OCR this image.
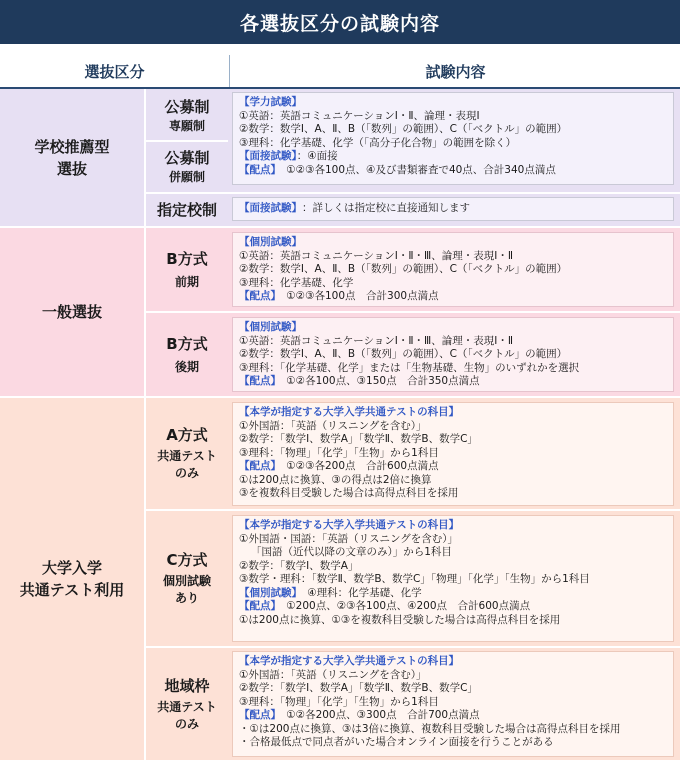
各選抜区分の試験内容
選抜区分	試験内容
学校推薦型
選抜
公募制
専願制
公募制
併願制
【学力試験】
①英語：英語コミュニケーションⅠ・Ⅱ、論理・表現Ⅰ
②数学：数学Ⅰ、A、Ⅱ、B（「数列」の範囲）、C（「ベクトル」の範囲）
③理科：化学基礎、化学（「高分子化合物」の範囲を除く）
【面接試験】：④面接
【配点】　①②③各100点、④及び書類審査で40点、合計340点満点
指定校制 【面接試験】 ：詳しくは指定校に直接通知します
一般選抜
B方式
前期
【個別試験】
①英語：英語コミュニケーションⅠ・Ⅱ・Ⅲ、論理・表現Ⅰ・Ⅱ
②数学：数学Ⅰ、A、Ⅱ、B（「数列」の範囲）、C（「ベクトル」の範囲）
③理科：化学基礎、化学
【配点】　①②③各100点　合計300点満点
B方式
後期
【個別試験】
①英語：英語コミュニケーションⅠ・Ⅱ・Ⅲ、論理・表現Ⅰ・Ⅱ
②数学：数学Ⅰ、A、Ⅱ、B（「数列」の範囲）、C（「ベクトル」の範囲）
③理科：「化学基礎、化学」または「生物基礎、生物」のいずれかを選択
【配点】　①②各100点、③150点　合計350点満点
大学入学
共通テスト利用
A方式
共通テスト
のみ
【本学が指定する大学入学共通テストの科目】
①外国語：「英語（リスニングを含む）」
②数学：「数学Ⅰ、数学A」「数学Ⅱ、数学B、数学C」
③理科：「物理」「化学」「生物」から1科目
【配点】　①②③各200点　合計600点満点
①は200点に換算、③の得点は2倍に換算
③を複数科目受験した場合は高得点科目を採用
C方式
個別試験
あり
【本学が指定する大学入学共通テストの科目】
①外国語・国語：「英語（リスニングを含む）」
「国語（近代以降の文章のみ）」から1科目
②数学：「数学Ⅰ、数学A」
③数学・理科：「数学Ⅱ、数学B、数学C」「物理」「化学」「生物」から1科目
【個別試験】　④理科：化学基礎、化学
【配点】　①200点、②③各100点、④200点　合計600点満点
①は200点に換算、①③を複数科目受験した場合は高得点科目を採用
地域枠
共通テスト
のみ
【本学が指定する大学入学共通テストの科目】
①外国語：「英語（リスニングを含む）」
②数学：「数学Ⅰ、数学A」「数学Ⅱ、数学B、数学C」
③理科：「物理」「化学」「生物」から1科目
【配点】　①②各200点、③300点　合計700点満点
・①は200点に換算、③は3倍に換算、複数科目受験した場合は高得点科目を採用
・合格最低点で同点者がいた場合オンライン面接を行うことがある
